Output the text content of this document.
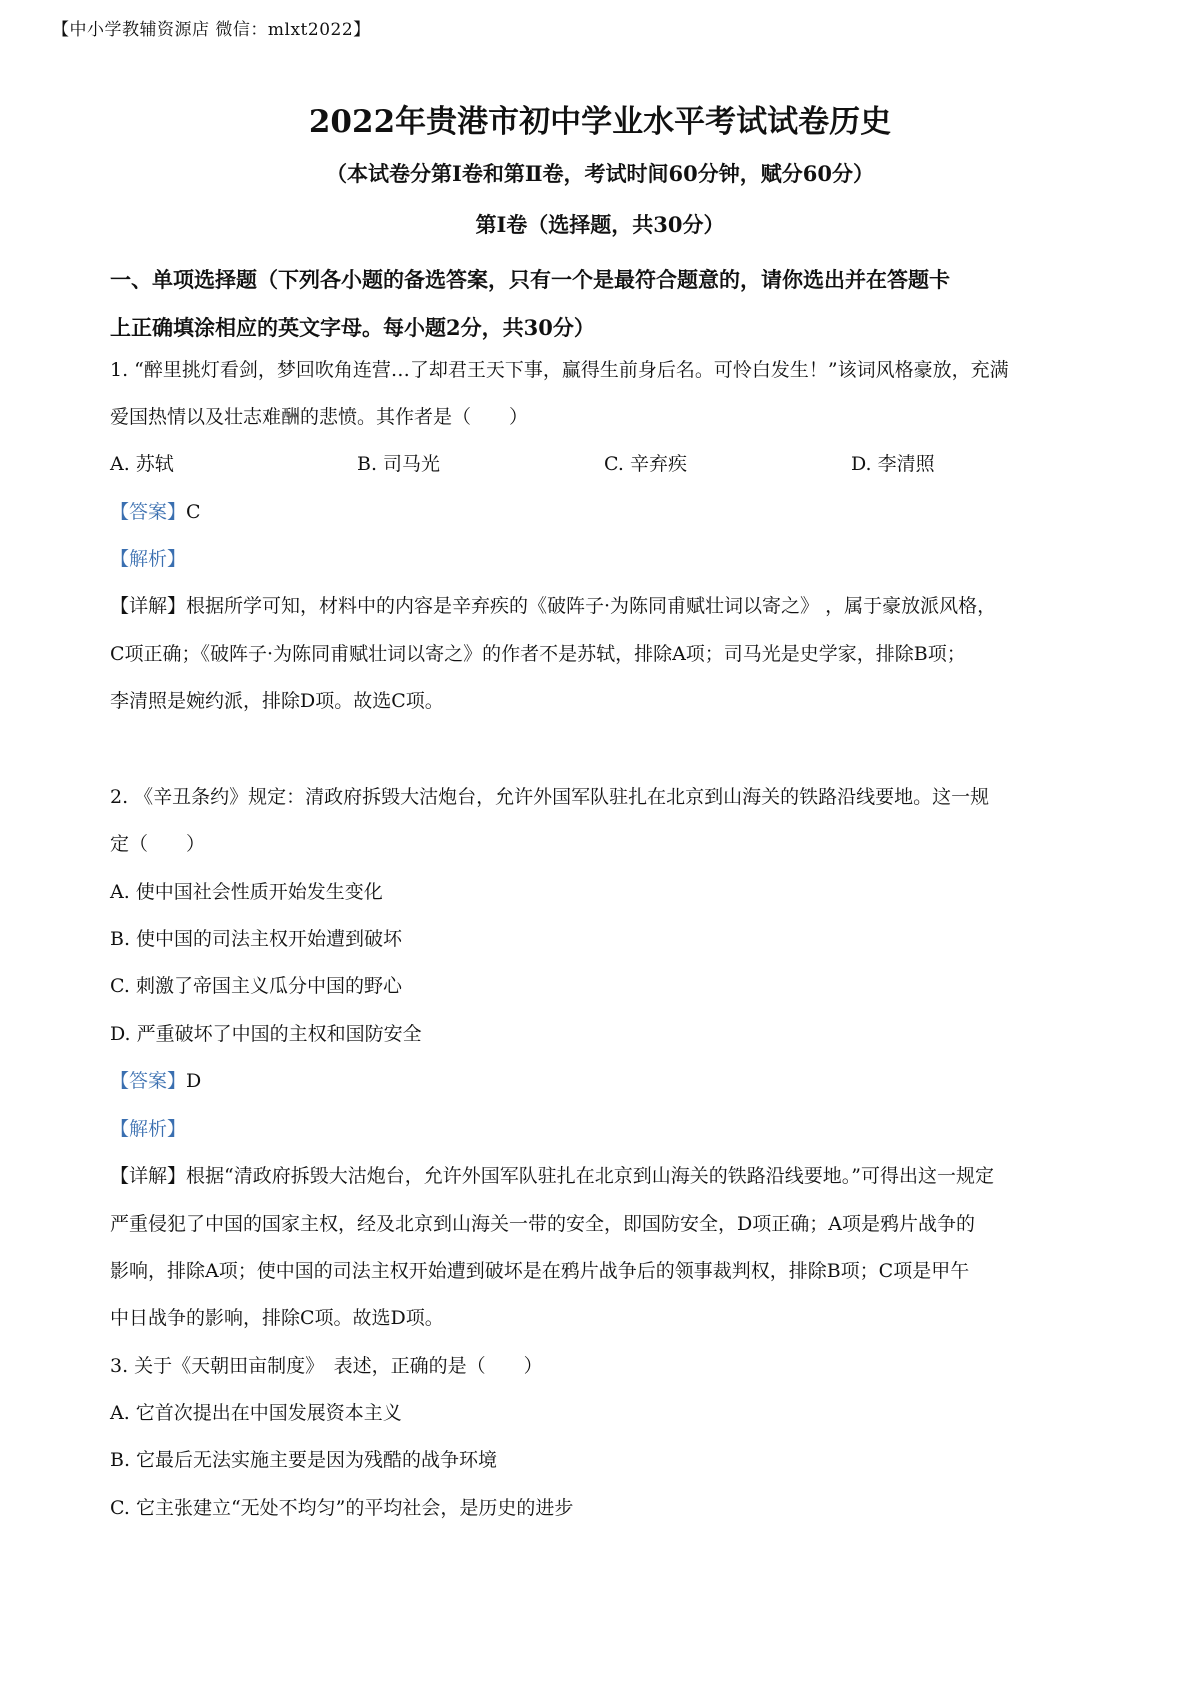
【中小学教辅资源店 微信：mlxt2022】
2022年贵港市初中学业水平考试试卷历史
（本试卷分第Ⅰ卷和第Ⅱ卷，考试时间60分钟，赋分60分）
第Ⅰ卷（选择题，共30分）
一、单项选择题（下列各小题的备选答案，只有一个是最符合题意的，请你选出并在答题卡
上正确填涂相应的英文字母。每小题2分，共30分）
1. “醉里挑灯看剑，梦回吹角连营…了却君王天下事，赢得生前身后名。可怜白发生！”该词风格豪放，充满
爱国热情以及壮志难酬的悲愤。其作者是（　　）
A. 苏轼	B. 司马光	C. 辛弃疾	D. 李清照
【答案】C
【解析】
【详解】根据所学可知，材料中的内容是辛弃疾的《破阵子·为陈同甫赋壮词以寄之》 ，属于豪放派风格，
C项正确；《破阵子·为陈同甫赋壮词以寄之》的作者不是苏轼，排除A项；司马光是史学家，排除B项；
李清照是婉约派，排除D项。故选C项。
2. 《辛丑条约》规定：清政府拆毁大沽炮台，允许外国军队驻扎在北京到山海关的铁路沿线要地。这一规
定（　　）
A. 使中国社会性质开始发生变化
B. 使中国的司法主权开始遭到破坏
C. 刺激了帝国主义瓜分中国的野心
D. 严重破坏了中国的主权和国防安全
【答案】D
【解析】
【详解】根据“清政府拆毁大沽炮台，允许外国军队驻扎在北京到山海关的铁路沿线要地。”可得出这一规定
严重侵犯了中国的国家主权，经及北京到山海关一带的安全，即国防安全，D项正确；A项是鸦片战争的
影响，排除A项；使中国的司法主权开始遭到破坏是在鸦片战争后的领事裁判权，排除B项；C项是甲午
中日战争的影响，排除C项。故选D项。
3. 关于《天朝田亩制度》　表述，正确的是（　　）
A. 它首次提出在中国发展资本主义
B. 它最后无法实施主要是因为残酷的战争环境
C. 它主张建立“无处不均匀”的平均社会，是历史的进步
